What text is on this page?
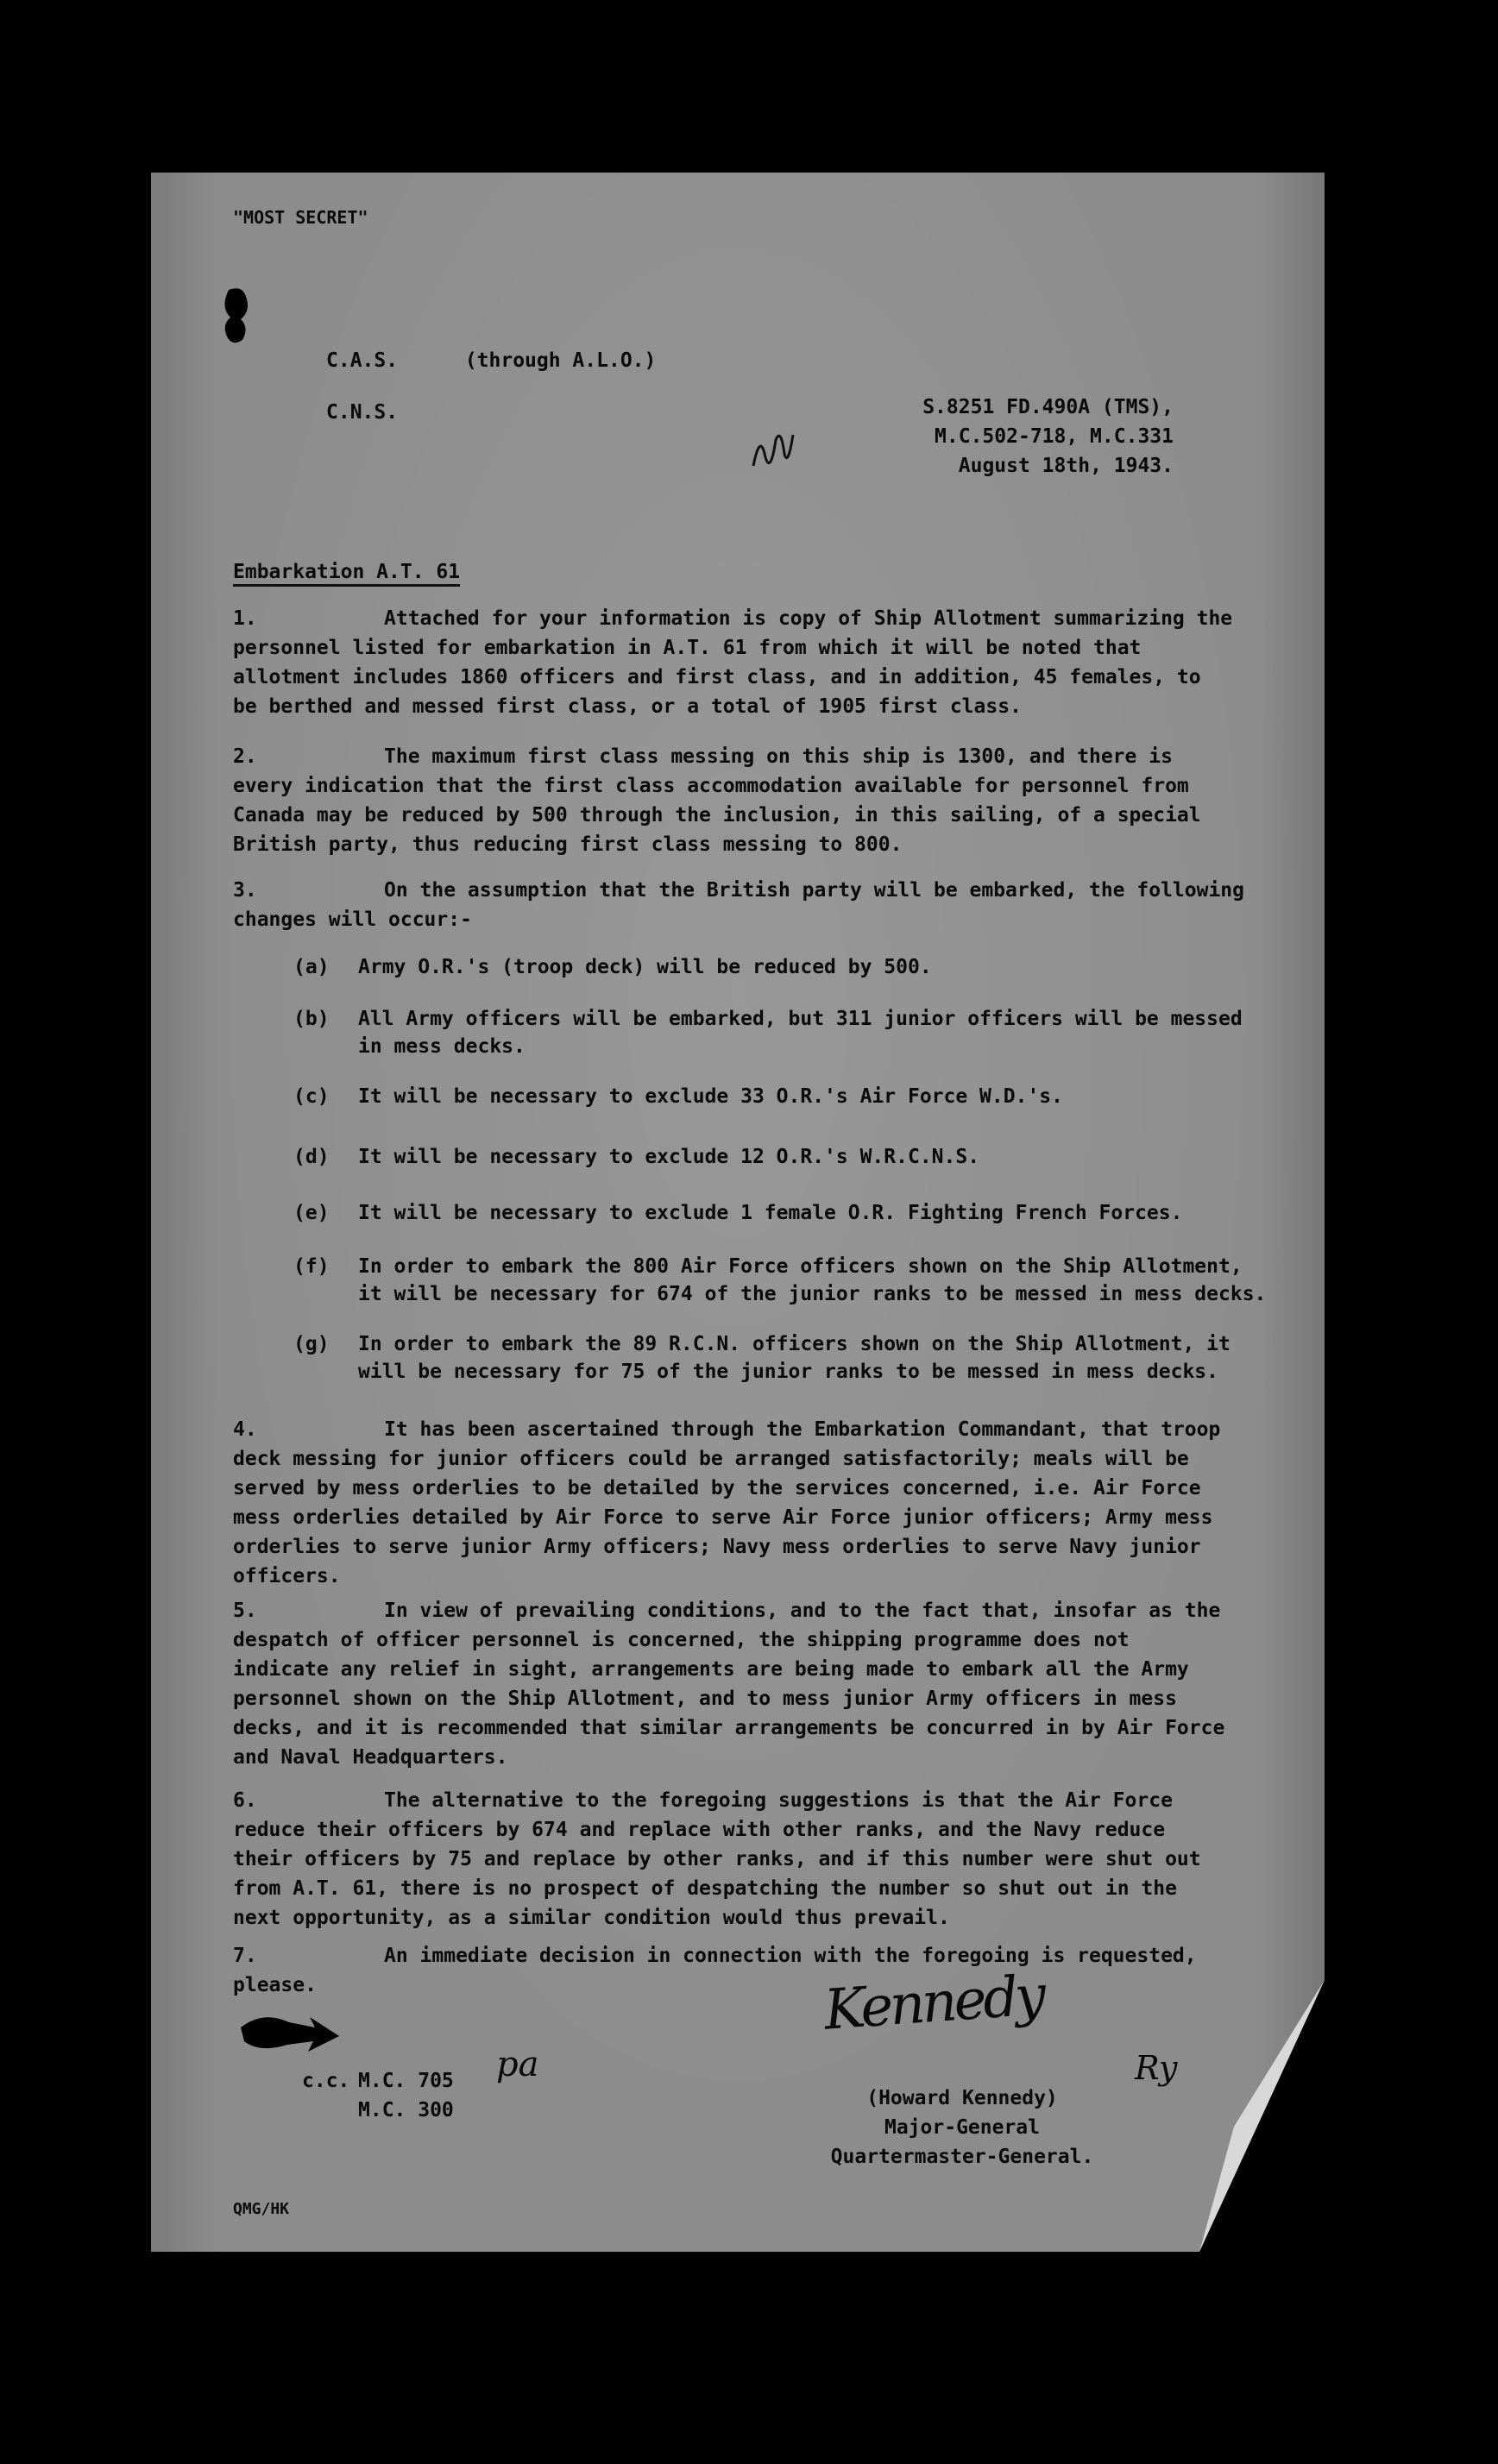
"MOST SECRET"
C.A.S.	(through A.L.O.)
C.N.S.	S.8251 FD.490A (TMS),
M.C.502-718, M.C.331
August 18th, 1943.
Embarkation A.T. 61
1.	Attached for your information is copy of Ship Allotment summarizing the
personnel listed for embarkation in A.T. 61 from which it will be noted that
allotment includes 1860 officers and first class, and in addition, 45 females, to
be berthed and messed first class, or a total of 1905 first class.
2.	The maximum first class messing on this ship is 1300, and there is
every indication that the first class accommodation available for personnel from
Canada may be reduced by 500 through the inclusion, in this sailing, of a special
British party, thus reducing first class messing to 800.
3.	On the assumption that the British party will be embarked, the following
changes will occur:-
(a) Army O.R.'s (troop deck) will be reduced by 500.
(b) All Army officers will be embarked, but 311 junior officers will be messed
in mess decks.
(c) It will be necessary to exclude 33 O.R.'s Air Force W.D.'s.
(d) It will be necessary to exclude 12 O.R.'s W.R.C.N.S.
(e) It will be necessary to exclude 1 female O.R. Fighting French Forces.
(f) In order to embark the 800 Air Force officers shown on the Ship Allotment,
it will be necessary for 674 of the junior ranks to be messed in mess decks.
(g) In order to embark the 89 R.C.N. officers shown on the Ship Allotment, it
will be necessary for 75 of the junior ranks to be messed in mess decks.
4.	It has been ascertained through the Embarkation Commandant, that troop
deck messing for junior officers could be arranged satisfactorily; meals will be
served by mess orderlies to be detailed by the services concerned, i.e. Air Force
mess orderlies detailed by Air Force to serve Air Force junior officers; Army mess
orderlies to serve junior Army officers; Navy mess orderlies to serve Navy junior
officers.
5.	In view of prevailing conditions, and to the fact that, insofar as the
despatch of officer personnel is concerned, the shipping programme does not
indicate any relief in sight, arrangements are being made to embark all the Army
personnel shown on the Ship Allotment, and to mess junior Army officers in mess
decks, and it is recommended that similar arrangements be concurred in by Air Force
and Naval Headquarters.
6.	The alternative to the foregoing suggestions is that the Air Force
reduce their officers by 674 and replace with other ranks, and the Navy reduce
their officers by 75 and replace by other ranks, and if this number were shut out
from A.T. 61, there is no prospect of despatching the number so shut out in the
next opportunity, as a similar condition would thus prevail.
7.	An immediate decision in connection with the foregoing is requested,
please.
c.c. M.C. 705
M.C. 300
pa
Kennedy
Ry
(Howard Kennedy)
Major-General
Quartermaster-General.
QMG/HK
